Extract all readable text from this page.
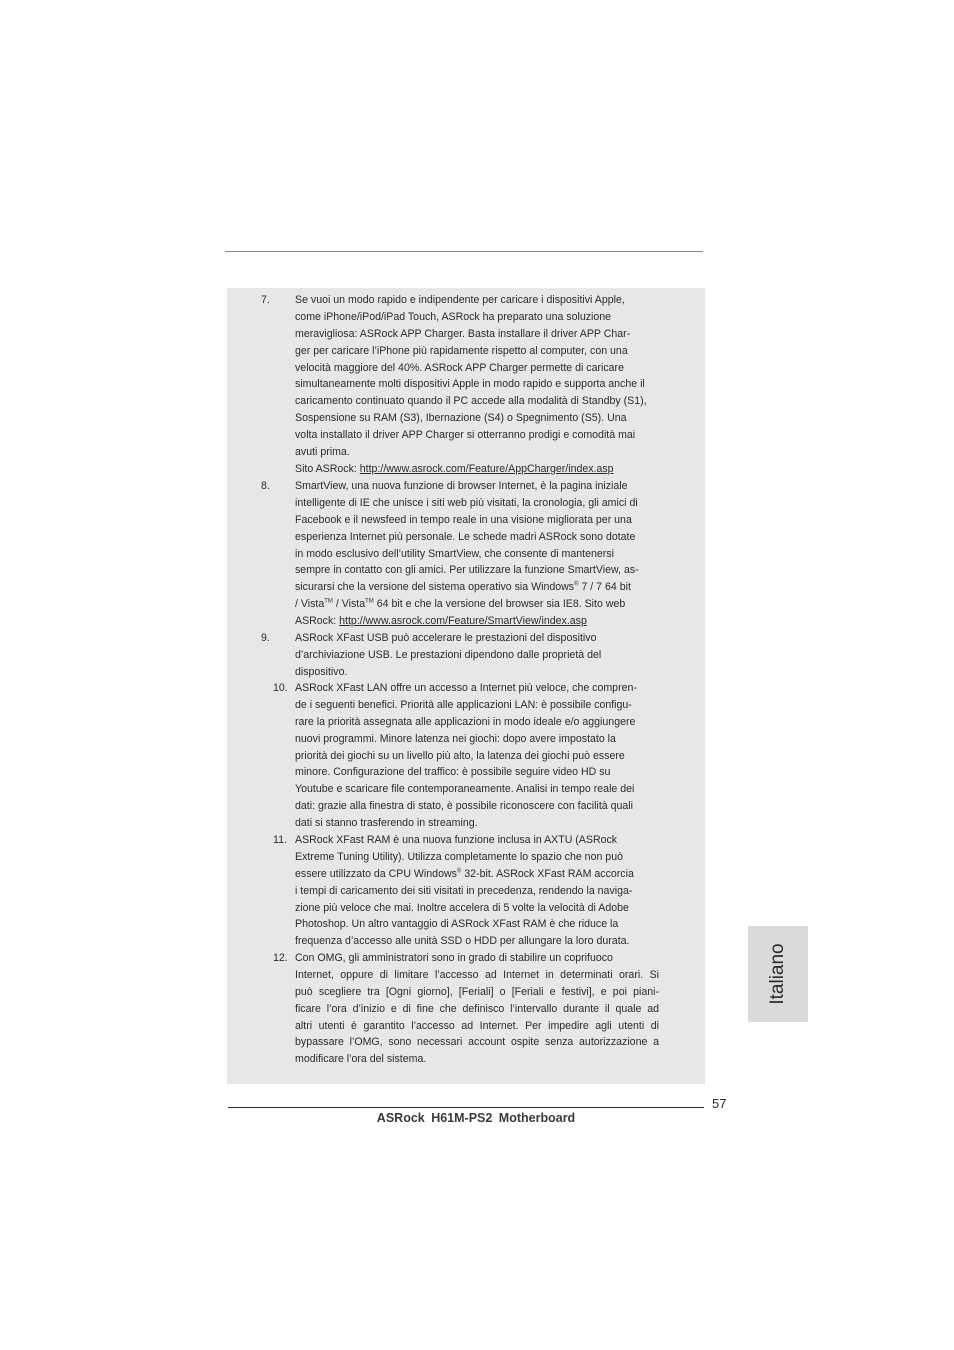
7.	Se vuoi un modo rapido e indipendente per caricare i dispositivi Apple,
come iPhone/iPod/iPad Touch, ASRock ha preparato una soluzione
meravigliosa: ASRock APP Charger. Basta installare il driver APP Char-
ger per caricare l’iPhone più rapidamente rispetto al computer, con una
velocità maggiore del 40%. ASRock APP Charger permette di caricare
simultaneamente molti dispositivi Apple in modo rapido e supporta anche il
caricamento continuato quando il PC accede alla modalità di Standby (S1),
Sospensione su RAM (S3), Ibernazione (S4) o Spegnimento (S5). Una
volta installato il driver APP Charger si otterranno prodigi e comodità mai
avuti prima.
Sito ASRock: http://www.asrock.com/Feature/AppCharger/index.asp
8.	SmartView, una nuova funzione di browser Internet, è la pagina iniziale
intelligente di IE che unisce i siti web più visitati, la cronologia, gli amici di
Facebook e il newsfeed in tempo reale in una visione migliorata per una
esperienza Internet più personale. Le schede madri ASRock sono dotate
in modo esclusivo dell’utility SmartView, che consente di mantenersi
sempre in contatto con gli amici. Per utilizzare la funzione SmartView, as-
sicurarsi che la versione del sistema operativo sia Windows® 7 / 7 64 bit
/ Vista™ / Vista™ 64 bit e che la versione del browser sia IE8. Sito web
ASRock: http://www.asrock.com/Feature/SmartView/index.asp
9.	ASRock XFast USB può accelerare le prestazioni del dispositivo
d’archiviazione USB. Le prestazioni dipendono dalle proprietà del
dispositivo.
10. ASRock XFast LAN offre un accesso a Internet più veloce, che compren-
de i seguenti benefici. Priorità alle applicazioni LAN: è possibile configu-
rare la priorità assegnata alle applicazioni in modo ideale e/o aggiungere
nuovi programmi. Minore latenza nei giochi: dopo avere impostato la
priorità dei giochi su un livello più alto, la latenza dei giochi può essere
minore. Configurazione del traffico: è possibile seguire video HD su
Youtube e scaricare file contemporaneamente. Analisi in tempo reale dei
dati: grazie alla finestra di stato, è possibile riconoscere con facilità quali
dati si stanno trasferendo in streaming.
11. ASRock XFast RAM è una nuova funzione inclusa in AXTU (ASRock
Extreme Tuning Utility). Utilizza completamente lo spazio che non può
essere utilizzato da CPU Windows® 32-bit. ASRock XFast RAM accorcia
i tempi di caricamento dei siti visitati in precedenza, rendendo la naviga-
zione più veloce che mai. Inoltre accelera di 5 volte la velocità di Adobe
Photoshop. Un altro vantaggio di ASRock XFast RAM è che riduce la
frequenza d’accesso alle unità SSD o HDD per allungare la loro durata.
12. Con OMG, gli amministratori sono in grado di stabilire un coprifuoco
Internet, oppure di limitare l’accesso ad Internet in determinati orari. Si
può scegliere tra [Ogni giorno], [Feriali] o [Feriali e festivi], e poi piani-
ficare l’ora d’inizio e di fine che definisco l’intervallo durante il quale ad
altri utenti è garantito l’accesso ad Internet. Per impedire agli utenti di
bypassare l’OMG, sono necessari account ospite senza autorizzazione a
modificare l’ora del sistema.
Italiano
57
ASRock H61M-PS2 Motherboard
